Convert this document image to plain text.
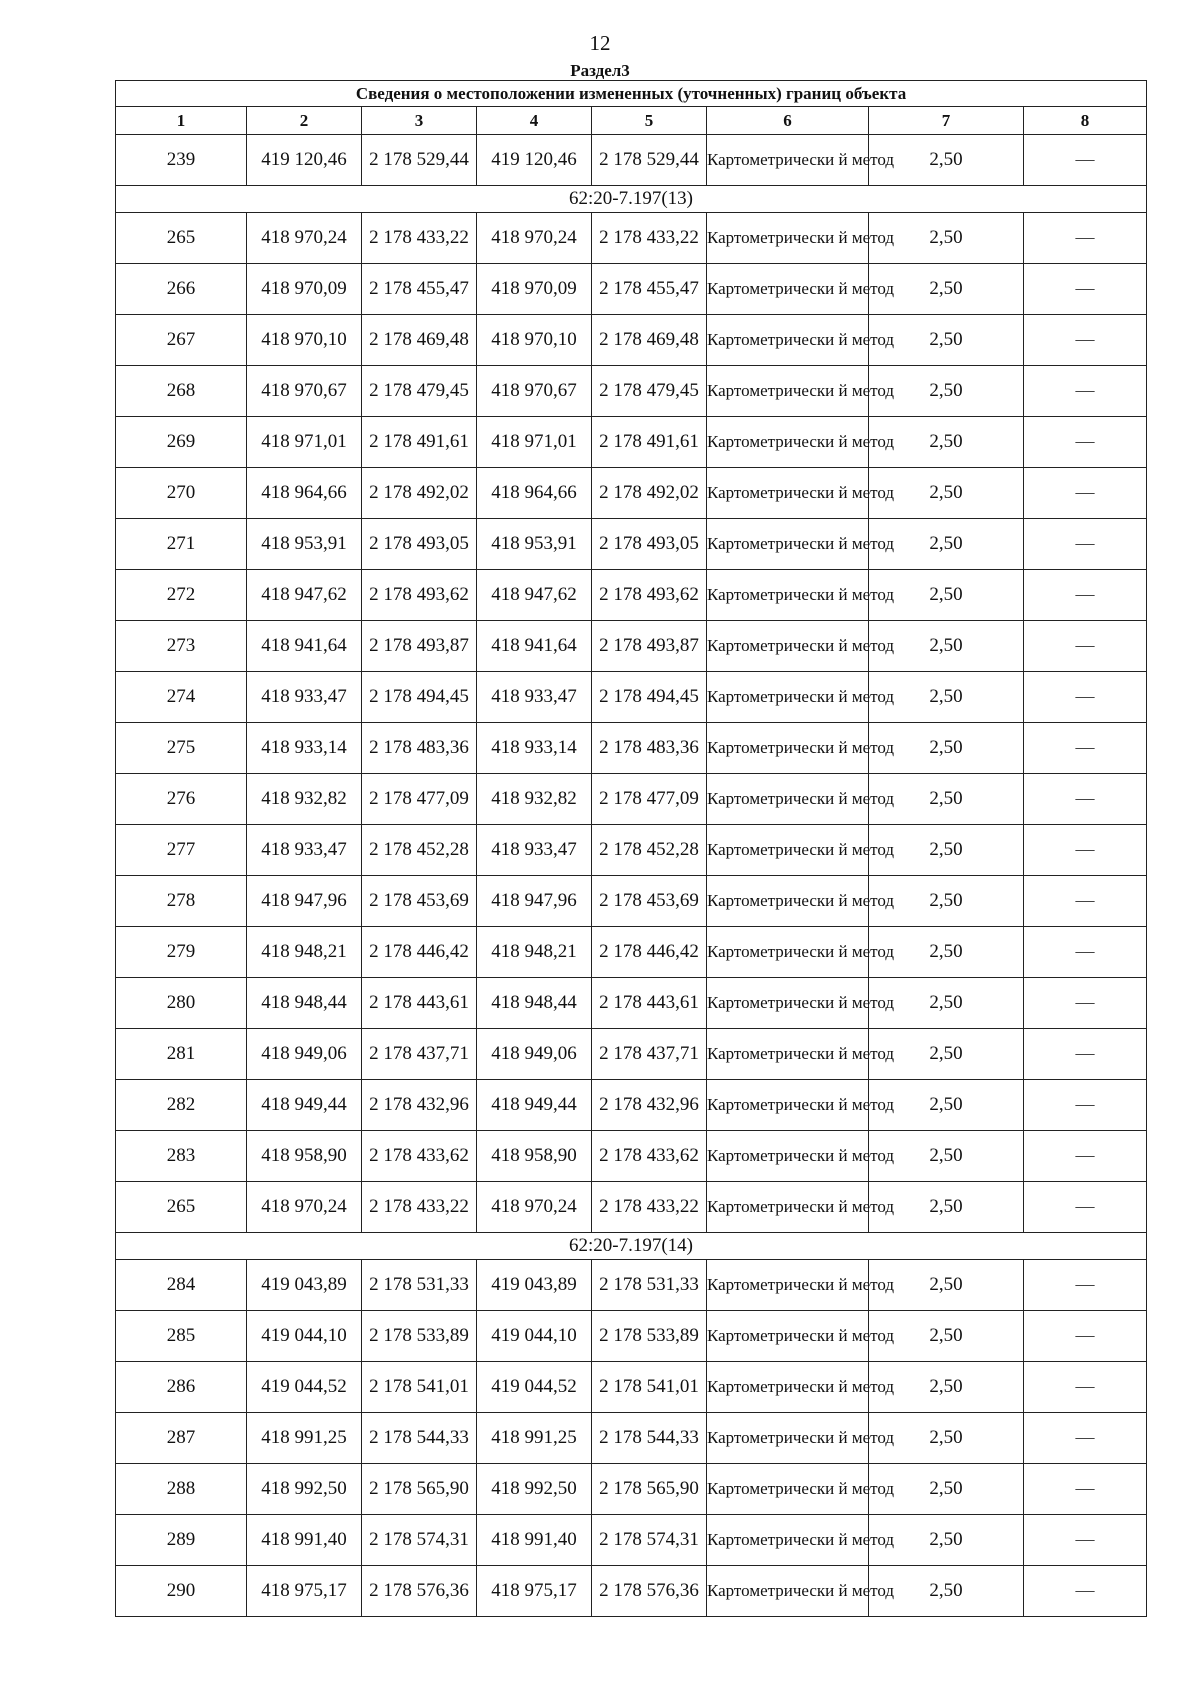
12
Раздел3
Сведения о местоположении измененных (уточненных) границ объекта							
1	2	3	4	5	6	7	8
239	419 120,46	2 178 529,44	419 120,46	2 178 529,44	Картометрически й метод	2,50	—
62:20-7.197(13)							
265	418 970,24	2 178 433,22	418 970,24	2 178 433,22	Картометрически й метод	2,50	—
266	418 970,09	2 178 455,47	418 970,09	2 178 455,47	Картометрически й метод	2,50	—
267	418 970,10	2 178 469,48	418 970,10	2 178 469,48	Картометрически й метод	2,50	—
268	418 970,67	2 178 479,45	418 970,67	2 178 479,45	Картометрически й метод	2,50	—
269	418 971,01	2 178 491,61	418 971,01	2 178 491,61	Картометрически й метод	2,50	—
270	418 964,66	2 178 492,02	418 964,66	2 178 492,02	Картометрически й метод	2,50	—
271	418 953,91	2 178 493,05	418 953,91	2 178 493,05	Картометрически й метод	2,50	—
272	418 947,62	2 178 493,62	418 947,62	2 178 493,62	Картометрически й метод	2,50	—
273	418 941,64	2 178 493,87	418 941,64	2 178 493,87	Картометрически й метод	2,50	—
274	418 933,47	2 178 494,45	418 933,47	2 178 494,45	Картометрически й метод	2,50	—
275	418 933,14	2 178 483,36	418 933,14	2 178 483,36	Картометрически й метод	2,50	—
276	418 932,82	2 178 477,09	418 932,82	2 178 477,09	Картометрически й метод	2,50	—
277	418 933,47	2 178 452,28	418 933,47	2 178 452,28	Картометрически й метод	2,50	—
278	418 947,96	2 178 453,69	418 947,96	2 178 453,69	Картометрически й метод	2,50	—
279	418 948,21	2 178 446,42	418 948,21	2 178 446,42	Картометрически й метод	2,50	—
280	418 948,44	2 178 443,61	418 948,44	2 178 443,61	Картометрически й метод	2,50	—
281	418 949,06	2 178 437,71	418 949,06	2 178 437,71	Картометрически й метод	2,50	—
282	418 949,44	2 178 432,96	418 949,44	2 178 432,96	Картометрически й метод	2,50	—
283	418 958,90	2 178 433,62	418 958,90	2 178 433,62	Картометрически й метод	2,50	—
265	418 970,24	2 178 433,22	418 970,24	2 178 433,22	Картометрически й метод	2,50	—
62:20-7.197(14)							
284	419 043,89	2 178 531,33	419 043,89	2 178 531,33	Картометрически й метод	2,50	—
285	419 044,10	2 178 533,89	419 044,10	2 178 533,89	Картометрически й метод	2,50	—
286	419 044,52	2 178 541,01	419 044,52	2 178 541,01	Картометрически й метод	2,50	—
287	418 991,25	2 178 544,33	418 991,25	2 178 544,33	Картометрически й метод	2,50	—
288	418 992,50	2 178 565,90	418 992,50	2 178 565,90	Картометрически й метод	2,50	—
289	418 991,40	2 178 574,31	418 991,40	2 178 574,31	Картометрически й метод	2,50	—
290	418 975,17	2 178 576,36	418 975,17	2 178 576,36	Картометрически й метод	2,50	—
